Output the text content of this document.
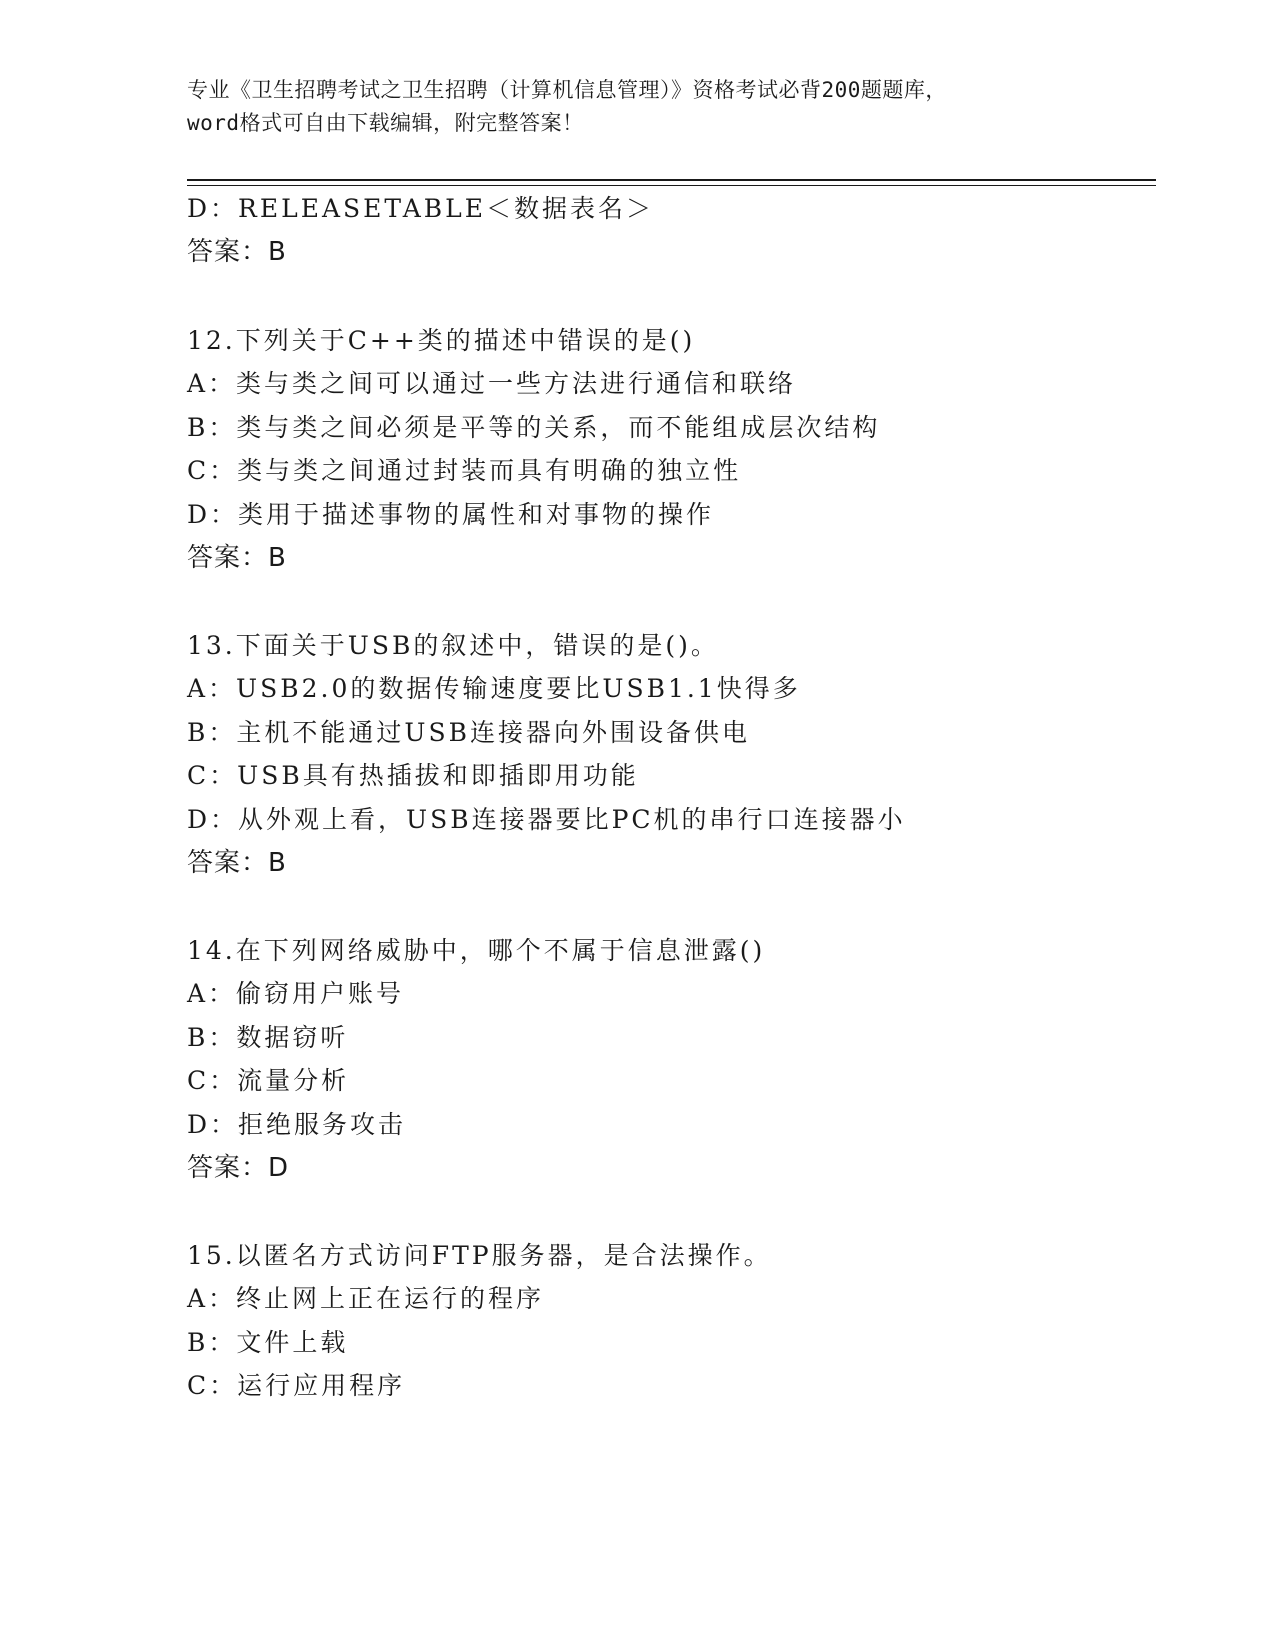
专业《卫生招聘考试之卫生招聘（计算机信息管理）》资格考试必背200题题库，
word格式可自由下载编辑，附完整答案！
D：RELEASETABLE＜数据表名＞
答案：B
12.下列关于C++类的描述中错误的是()
A：类与类之间可以通过一些方法进行通信和联络
B：类与类之间必须是平等的关系，而不能组成层次结构
C：类与类之间通过封装而具有明确的独立性
D：类用于描述事物的属性和对事物的操作
答案：B
13.下面关于USB的叙述中，错误的是()。
A：USB2.0的数据传输速度要比USB1.1快得多
B：主机不能通过USB连接器向外围设备供电
C：USB具有热插拔和即插即用功能
D：从外观上看，USB连接器要比PC机的串行口连接器小
答案：B
14.在下列网络威胁中，哪个不属于信息泄露()
A：偷窃用户账号
B：数据窃听
C：流量分析
D：拒绝服务攻击
答案：D
15.以匿名方式访问FTP服务器，是合法操作。
A：终止网上正在运行的程序
B：文件上载
C：运行应用程序
